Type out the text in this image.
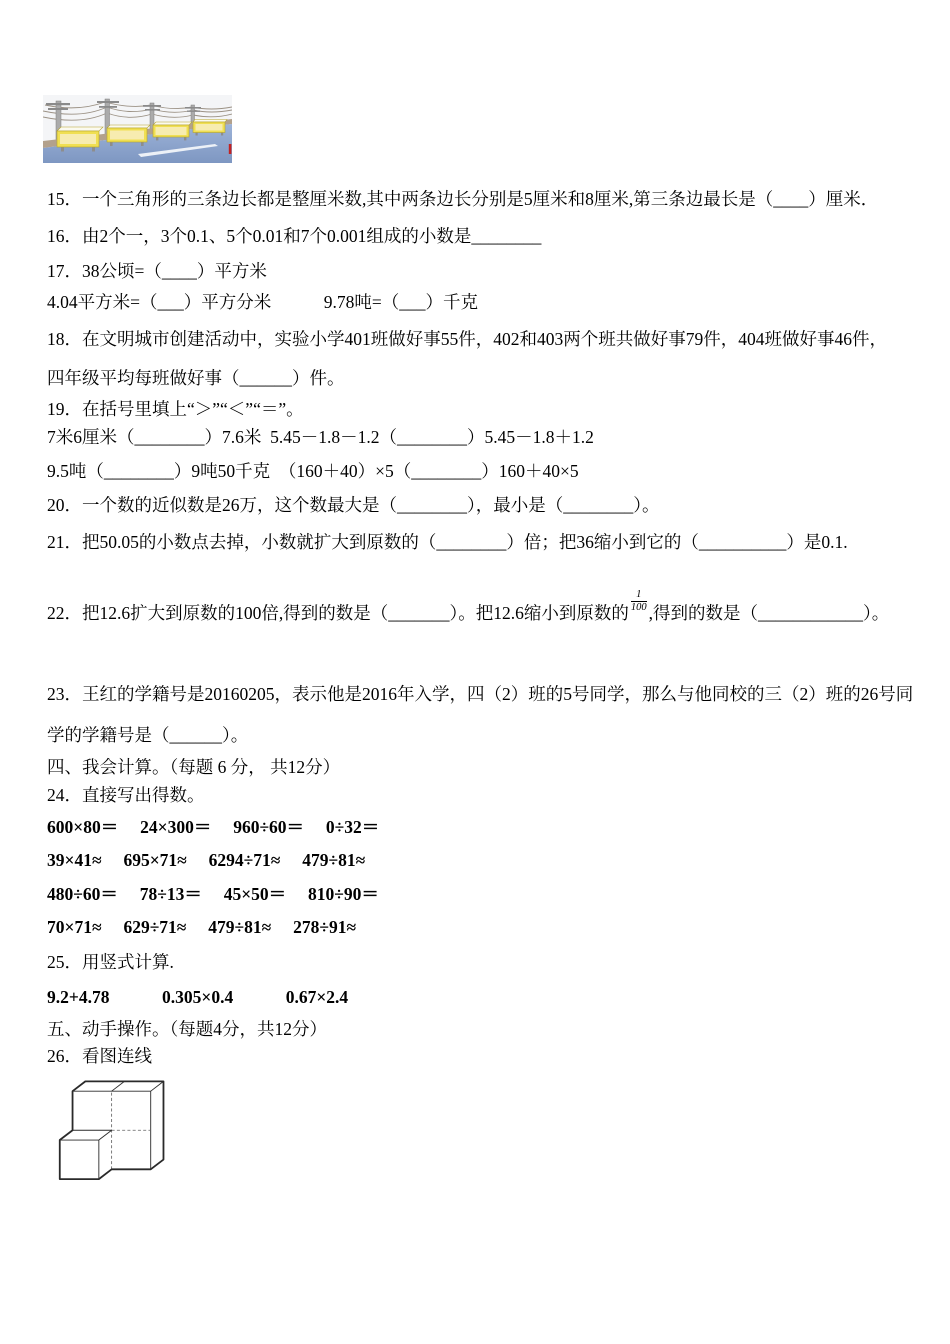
15．一个三角形的三条边长都是整厘米数,其中两条边长分别是5厘米和8厘米,第三条边最长是（____）厘米．

16．由2个一，3个0.1、5个0.01和7个0.001组成的小数是________

17．38公顷=（____）平方米

4.04平方米=（___）平方分米　　　9.78吨=（___）千克

18．在文明城市创建活动中，实验小学401班做好事55件，402和403两个班共做好事79件，404班做好事46件，

四年级平均每班做好事（______）件。

19．在括号里填上“＞”“＜”“＝”。

7米6厘米（________）7.6米  5.45－1.8－1.2（________）5.45－1.8＋1.2

9.5吨（________）9吨50千克　（160＋40）×5（________）160＋40×5

20．一个数的近似数是26万，这个数最大是（________），最小是（________）。

21．把50.05的小数点去掉，小数就扩大到原数的（________）倍；把36缩小到它的（__________）是0.1.

22．把12.6扩大到原数的100倍,得到的数是（_______）。把12.6缩小到原数的 $\frac{1}{100}$ ,得到的数是（____________）。

23．王红的学籍号是20160205，表示他是2016年入学，四（2）班的5号同学，那么与他同校的三（2）班的26号同

学的学籍号是（______）。

四、我会计算。（每题 6 分， 共12分）

24．直接写出得数。

600×80＝　 24×300＝　 960÷60＝　 0÷32＝

39×41≈　 695×71≈　 6294÷71≈　 479÷81≈

480÷60＝　 78÷13＝　 45×50＝　 810÷90＝

70×71≈　 629÷71≈　 479÷81≈　 278÷91≈

25．用竖式计算.

9.2+4.78　　　0.305×0.4　　　0.67×2.4

五、动手操作。（每题4分，共12分）

26．看图连线
